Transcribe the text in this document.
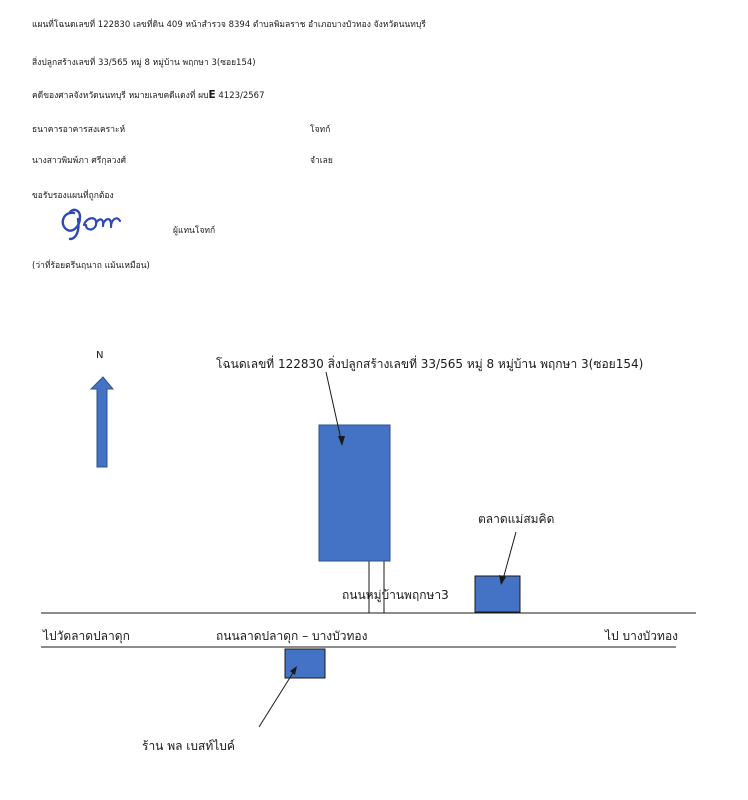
แผนที่โฉนดเลขที่ 122830 เลขที่ดิน 409 หน้าสำรวจ 8394 ตำบลพิมลราช อำเภอบางบัวทอง จังหวัดนนทบุรี
สิ่งปลูกสร้างเลขที่ 33/565 หมู่ 8 หมู่บ้าน พฤกษา 3(ซอย154)
คดีของศาลจังหวัดนนทบุรี หมายเลขคดีแดงที่ ผบE 4123/2567
ธนาคารอาคารสงเคราะห์	โจทก์
นางสาวพิมพ์ภา ศรีกุลวงศ์	จำเลย
ขอรับรองแผนที่ถูกต้อง
ผู้แทนโจทก์
(ว่าที่ร้อยตรีนฤนาถ แม้นเหมือน)
N
โฉนดเลขที่ 122830 สิ่งปลูกสร้างเลขที่ 33/565 หมู่ 8 หมู่บ้าน พฤกษา 3(ซอย154)
ตลาดแม่สมคิด
ถนนหมู่บ้านพฤกษา3
ไปวัดลาดปลาดุก	ถนนลาดปลาดุก – บางบัวทอง	ไป บางบัวทอง
ร้าน พล เบสท์ไบค์
